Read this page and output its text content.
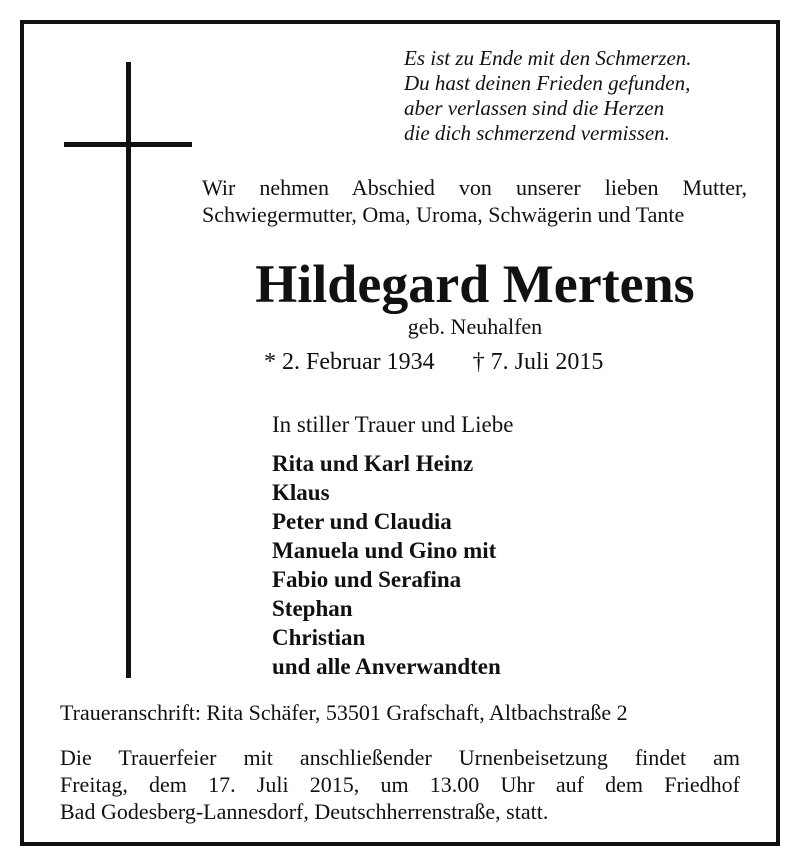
Es ist zu Ende mit den Schmerzen.
Du hast deinen Frieden gefunden,
aber verlassen sind die Herzen
die dich schmerzend vermissen.
Wir nehmen Abschied von unserer lieben Mutter,
Schwiegermutter, Oma, Uroma, Schwägerin und Tante
Hildegard Mertens
geb. Neuhalfen
* 2. Februar 1934 † 7. Juli 2015
In stiller Trauer und Liebe
Rita und Karl Heinz
Klaus
Peter und Claudia
Manuela und Gino mit
Fabio und Serafina
Stephan
Christian
und alle Anverwandten
Traueranschrift: Rita Schäfer, 53501 Grafschaft, Altbachstraße 2
Die Trauerfeier mit anschließender Urnenbeisetzung findet am
Freitag, dem 17. Juli 2015, um 13.00 Uhr auf dem Friedhof
Bad Godesberg-Lannesdorf, Deutschherrenstraße, statt.
